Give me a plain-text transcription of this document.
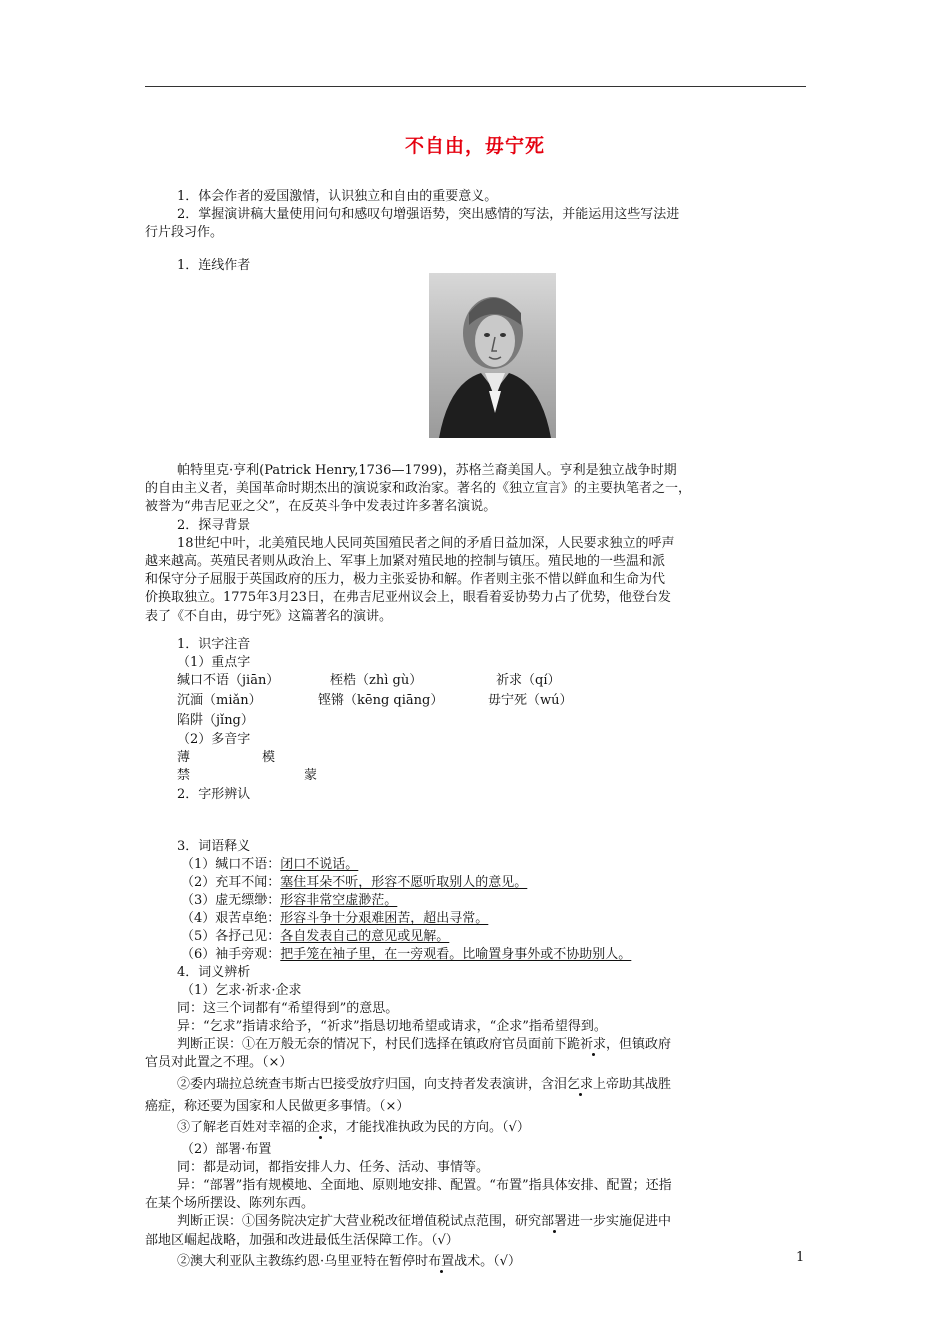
不自由，毋宁死
1．体会作者的爱国激情，认识独立和自由的重要意义。
2．掌握演讲稿大量使用问句和感叹句增强语势，突出感情的写法，并能运用这些写法进
行片段习作。
1．连线作者
帕特里克·亨利(Patrick Henry,1736—1799)，苏格兰裔美国人。亨利是独立战争时期
的自由主义者，美国革命时期杰出的演说家和政治家。著名的《独立宣言》的主要执笔者之一，
被誉为“弗吉尼亚之父”，在反英斗争中发表过许多著名演说。
2．探寻背景
18世纪中叶，北美殖民地人民同英国殖民者之间的矛盾日益加深，人民要求独立的呼声
越来越高。英殖民者则从政治上、军事上加紧对殖民地的控制与镇压。殖民地的一些温和派
和保守分子屈服于英国政府的压力，极力主张妥协和解。作者则主张不惜以鲜血和生命为代
价换取独立。1775年3月23日，在弗吉尼亚州议会上，眼看着妥协势力占了优势，他登台发
表了《不自由，毋宁死》这篇著名的演讲。
1．识字注音
（1）重点字
缄口不语（jiān）	桎梏（zhì gù）	祈求（qí）
沉湎（miǎn）	铿锵（kēng qiāng）	毋宁死（wú）
陷阱（jǐng）
（2）多音字
薄	模
禁	蒙
2．字形辨认
3．词语释义
（1）缄口不语：闭口不说话。
（2）充耳不闻：塞住耳朵不听，形容不愿听取别人的意见。
（3）虚无缥缈：形容非常空虚渺茫。
（4）艰苦卓绝：形容斗争十分艰难困苦，超出寻常。
（5）各抒己见：各自发表自己的意见或见解。
（6）袖手旁观：把手笼在袖子里，在一旁观看。比喻置身事外或不协助别人。
4．词义辨析
（1）乞求·祈求·企求
同：这三个词都有“希望得到”的意思。
异：“乞求”指请求给予，“祈求”指恳切地希望或请求，“企求”指希望得到。
判断正误：①在万般无奈的情况下，村民们选择在镇政府官员面前下跪祈求，但镇政府
官员对此置之不理。（×）
②委内瑞拉总统查韦斯古巴接受放疗归国，向支持者发表演讲，含泪乞求上帝助其战胜
癌症，称还要为国家和人民做更多事情。（×）
③了解老百姓对幸福的企求，才能找准执政为民的方向。（√）
（2）部署·布置
同：都是动词，都指安排人力、任务、活动、事情等。
异：“部署”指有规模地、全面地、原则地安排、配置。“布置”指具体安排、配置；还指
在某个场所摆设、陈列东西。
判断正误：①国务院决定扩大营业税改征增值税试点范围，研究部署进一步实施促进中
部地区崛起战略，加强和改进最低生活保障工作。（√）
②澳大利亚队主教练约恩·乌里亚特在暂停时布置战术。（√）	1
